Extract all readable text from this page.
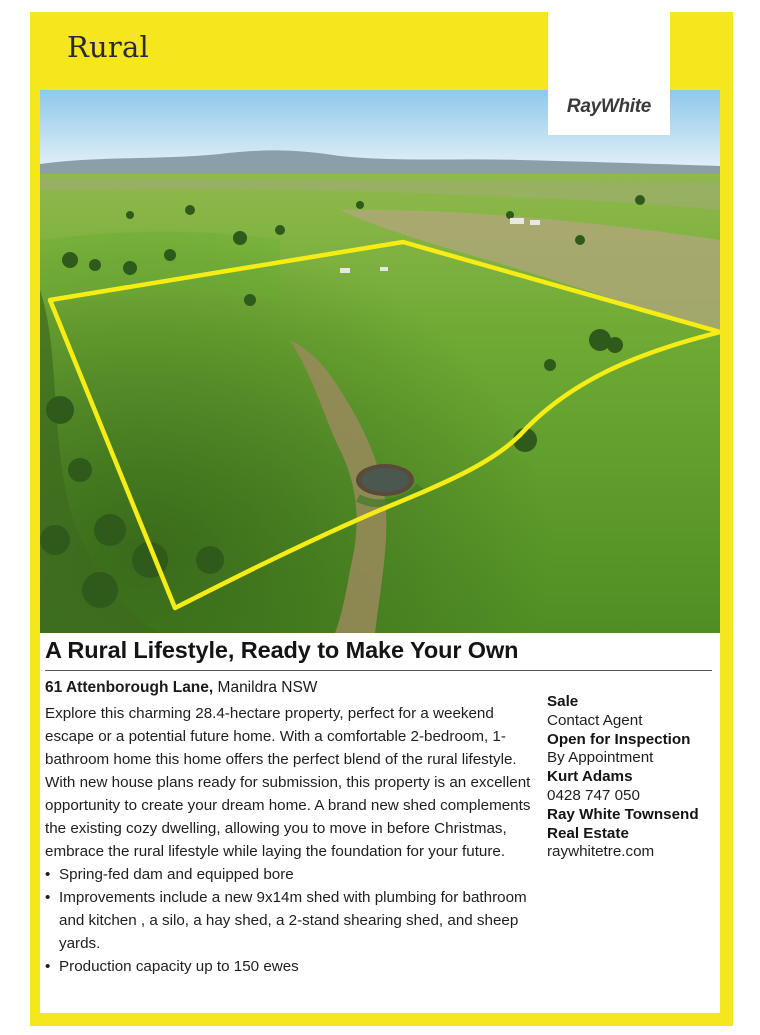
Rural
RayWhite
A Rural Lifestyle, Ready to Make Your Own
61 Attenborough Lane, Manildra NSW

Explore this charming 28.4-hectare property, perfect for a weekend escape or a potential future home. With a comfortable 2-bedroom, 1-bathroom home this home offers the perfect blend of the rural lifestyle. With new house plans ready for submission, this property is an excellent opportunity to create your dream home. A brand new shed complements the existing cozy dwelling, allowing you to move in before Christmas, embrace the rural lifestyle while laying the foundation for your future.

• Spring-fed dam and equipped bore
• Improvements include a new 9x14m shed with plumbing for bathroom and kitchen , a silo, a hay shed, a 2-stand shearing shed, and sheep yards.
• Production capacity up to 150 ewes
Sale
Contact Agent
Open for Inspection
By Appointment
Kurt Adams
0428 747 050
Ray White Townsend
Real Estate
raywhitetre.com
